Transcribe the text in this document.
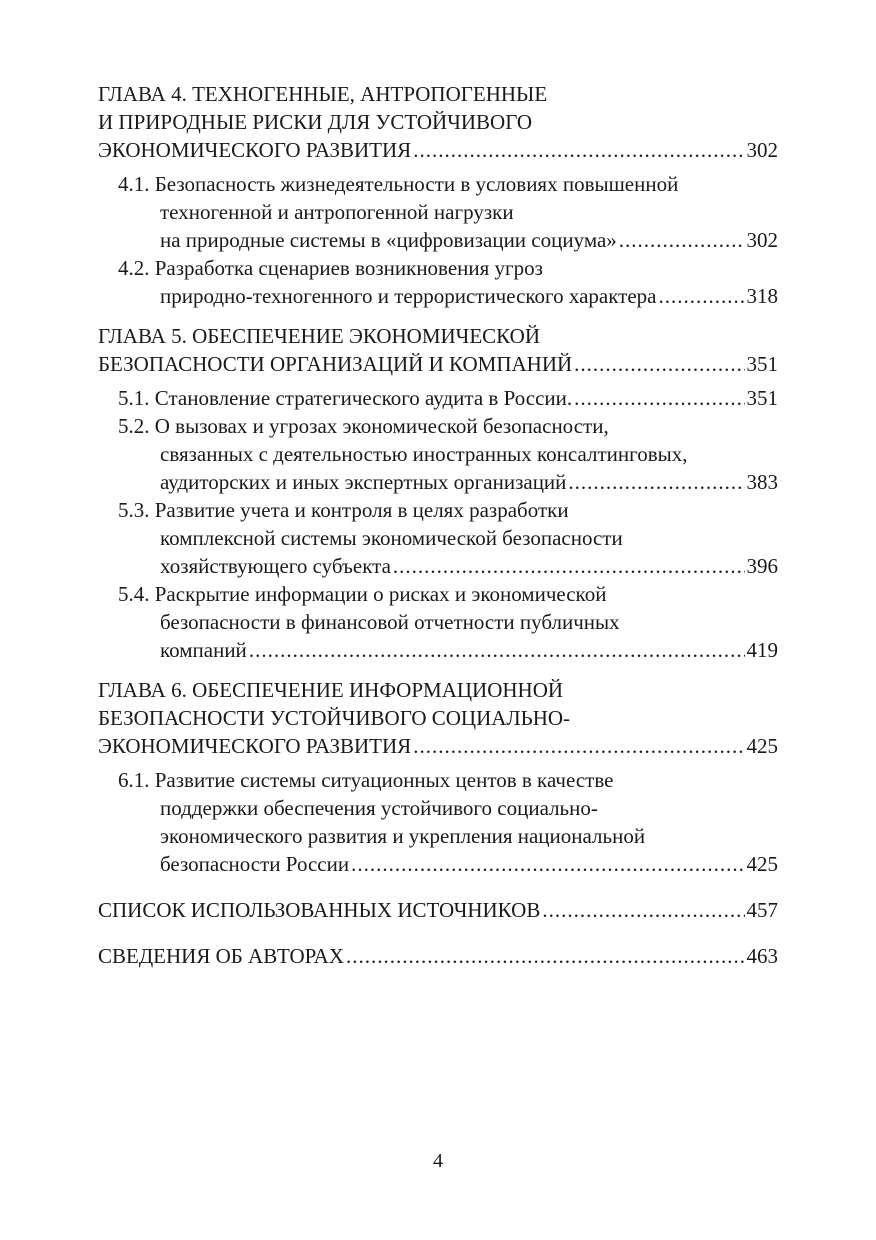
ГЛАВА 4. ТЕХНОГЕННЫЕ, АНТРОПОГЕННЫЕ
И ПРИРОДНЫЕ РИСКИ ДЛЯ УСТОЙЧИВОГО
ЭКОНОМИЧЕСКОГО РАЗВИТИЯ .....	302
4.1. Безопасность жизнедеятельности в условиях повышенной
техногенной и антропогенной нагрузки
на природные системы в «цифровизации социума» .....	302
4.2. Разработка сценариев возникновения угроз
природно-техногенного и террористического характера .....	318
ГЛАВА 5. ОБЕСПЕЧЕНИЕ ЭКОНОМИЧЕСКОЙ
БЕЗОПАСНОСТИ ОРГАНИЗАЦИЙ И КОМПАНИЙ .....	351
5.1. Становление стратегического аудита в России. .....	351
5.2. О вызовах и угрозах экономической безопасности,
связанных с деятельностью иностранных консалтинговых,
аудиторских и иных экспертных организаций .....	383
5.3. Развитие учета и контроля в целях разработки
комплексной системы экономической безопасности
хозяйствующего субъекта .....	396
5.4. Раскрытие информации о рисках и экономической
безопасности в финансовой отчетности публичных
компаний .....	419
ГЛАВА 6. ОБЕСПЕЧЕНИЕ ИНФОРМАЦИОННОЙ
БЕЗОПАСНОСТИ УСТОЙЧИВОГО СОЦИАЛЬНО-
ЭКОНОМИЧЕСКОГО РАЗВИТИЯ .....	425
6.1. Развитие системы ситуационных центов в качестве
поддержки обеспечения устойчивого социально-
экономического развития и укрепления национальной
безопасности России .....	425
СПИСОК ИСПОЛЬЗОВАННЫХ ИСТОЧНИКОВ .....	457
СВЕДЕНИЯ ОБ АВТОРАХ .....	463
4
